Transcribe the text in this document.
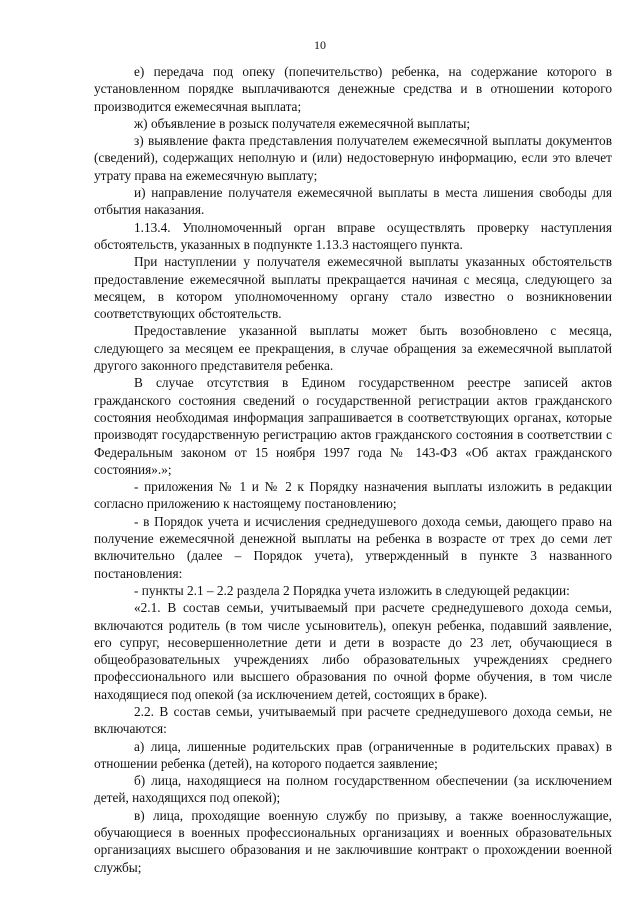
10

е) передача под опеку (попечительство) ребенка, на содержание которого в установленном порядке выплачиваются денежные средства и в отношении которого производится ежемесячная выплата;

ж) объявление в розыск получателя ежемесячной выплаты;

з) выявление факта представления получателем ежемесячной выплаты документов (сведений), содержащих неполную и (или) недостоверную информацию, если это влечет утрату права на ежемесячную выплату;

и) направление получателя ежемесячной выплаты в места лишения свободы для отбытия наказания.

1.13.4. Уполномоченный орган вправе осуществлять проверку наступления обстоятельств, указанных в подпункте 1.13.3 настоящего пункта.

При наступлении у получателя ежемесячной выплаты указанных обстоятельств предоставление ежемесячной выплаты прекращается начиная с месяца, следующего за месяцем, в котором уполномоченному органу стало известно о возникновении соответствующих обстоятельств.

Предоставление указанной выплаты может быть возобновлено с месяца, следующего за месяцем ее прекращения, в случае обращения за ежемесячной выплатой другого законного представителя ребенка.

В случае отсутствия в Едином государственном реестре записей актов гражданского состояния сведений о государственной регистрации актов гражданского состояния необходимая информация запрашивается в соответствующих органах, которые производят государственную регистрацию актов гражданского состояния в соответствии с Федеральным законом от 15 ноября 1997 года № 143-ФЗ «Об актах гражданского состояния».»;

- приложения № 1 и № 2 к Порядку назначения выплаты изложить в редакции согласно приложению к настоящему постановлению;

- в Порядок учета и исчисления среднедушевого дохода семьи, дающего право на получение ежемесячной денежной выплаты на ребенка в возрасте от трех до семи лет включительно (далее – Порядок учета), утвержденный в пункте 3 названного постановления:

- пункты 2.1 – 2.2 раздела 2 Порядка учета изложить в следующей редакции:

«2.1. В состав семьи, учитываемый при расчете среднедушевого дохода семьи, включаются родитель (в том числе усыновитель), опекун ребенка, подавший заявление, его супруг, несовершеннолетние дети и дети в возрасте до 23 лет, обучающиеся в общеобразовательных учреждениях либо образовательных учреждениях среднего профессионального или высшего образования по очной форме обучения, в том числе находящиеся под опекой (за исключением детей, состоящих в браке).

2.2. В состав семьи, учитываемый при расчете среднедушевого дохода семьи, не включаются:

а) лица, лишенные родительских прав (ограниченные в родительских правах) в отношении ребенка (детей), на которого подается заявление;

б) лица, находящиеся на полном государственном обеспечении (за исключением детей, находящихся под опекой);

в) лица, проходящие военную службу по призыву, а также военнослужащие, обучающиеся в военных профессиональных организациях и военных образовательных организациях высшего образования и не заключившие контракт о прохождении военной службы;
